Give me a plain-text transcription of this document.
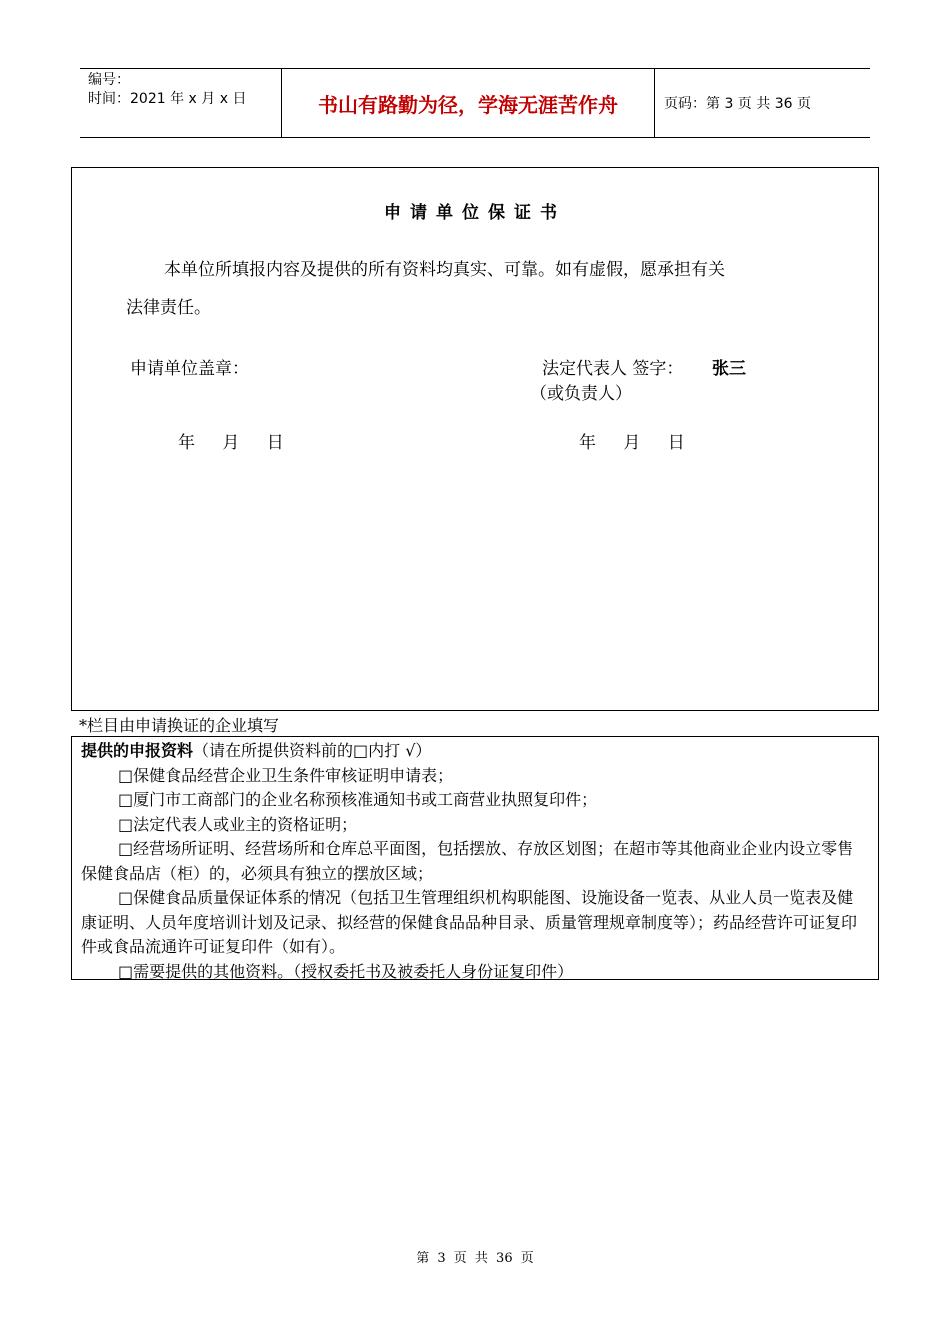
编号：
时间：2021 年 x 月 x 日	书山有路勤为径，学海无涯苦作舟	页码：第 3 页 共 36 页
申请单位保证书
本单位所填报内容及提供的所有资料均真实、可靠。如有虚假，愿承担有关
法律责任。
申请单位盖章：	法定代表人 签字： 张三
（或负责人）
年 月 日	年 月 日
*栏目由申请换证的企业填写

提供的申报资料（请在所提供资料前的□内打 √）

□保健食品经营企业卫生条件审核证明申请表；

□厦门市工商部门的企业名称预核准通知书或工商营业执照复印件；

□法定代表人或业主的资格证明；

□经营场所证明、经营场所和仓库总平面图，包括摆放、存放区划图；在超市等其他商业企业内设立零售保健食品店（柜）的，必须具有独立的摆放区域；

□保健食品质量保证体系的情况（包括卫生管理组织机构职能图、设施设备一览表、从业人员一览表及健康证明、人员年度培训计划及记录、拟经营的保健食品品种目录、质量管理规章制度等）；药品经营许可证复印件或食品流通许可证复印件（如有）。

□需要提供的其他资料。（授权委托书及被委托人身份证复印件）

第 3 页 共 36 页
